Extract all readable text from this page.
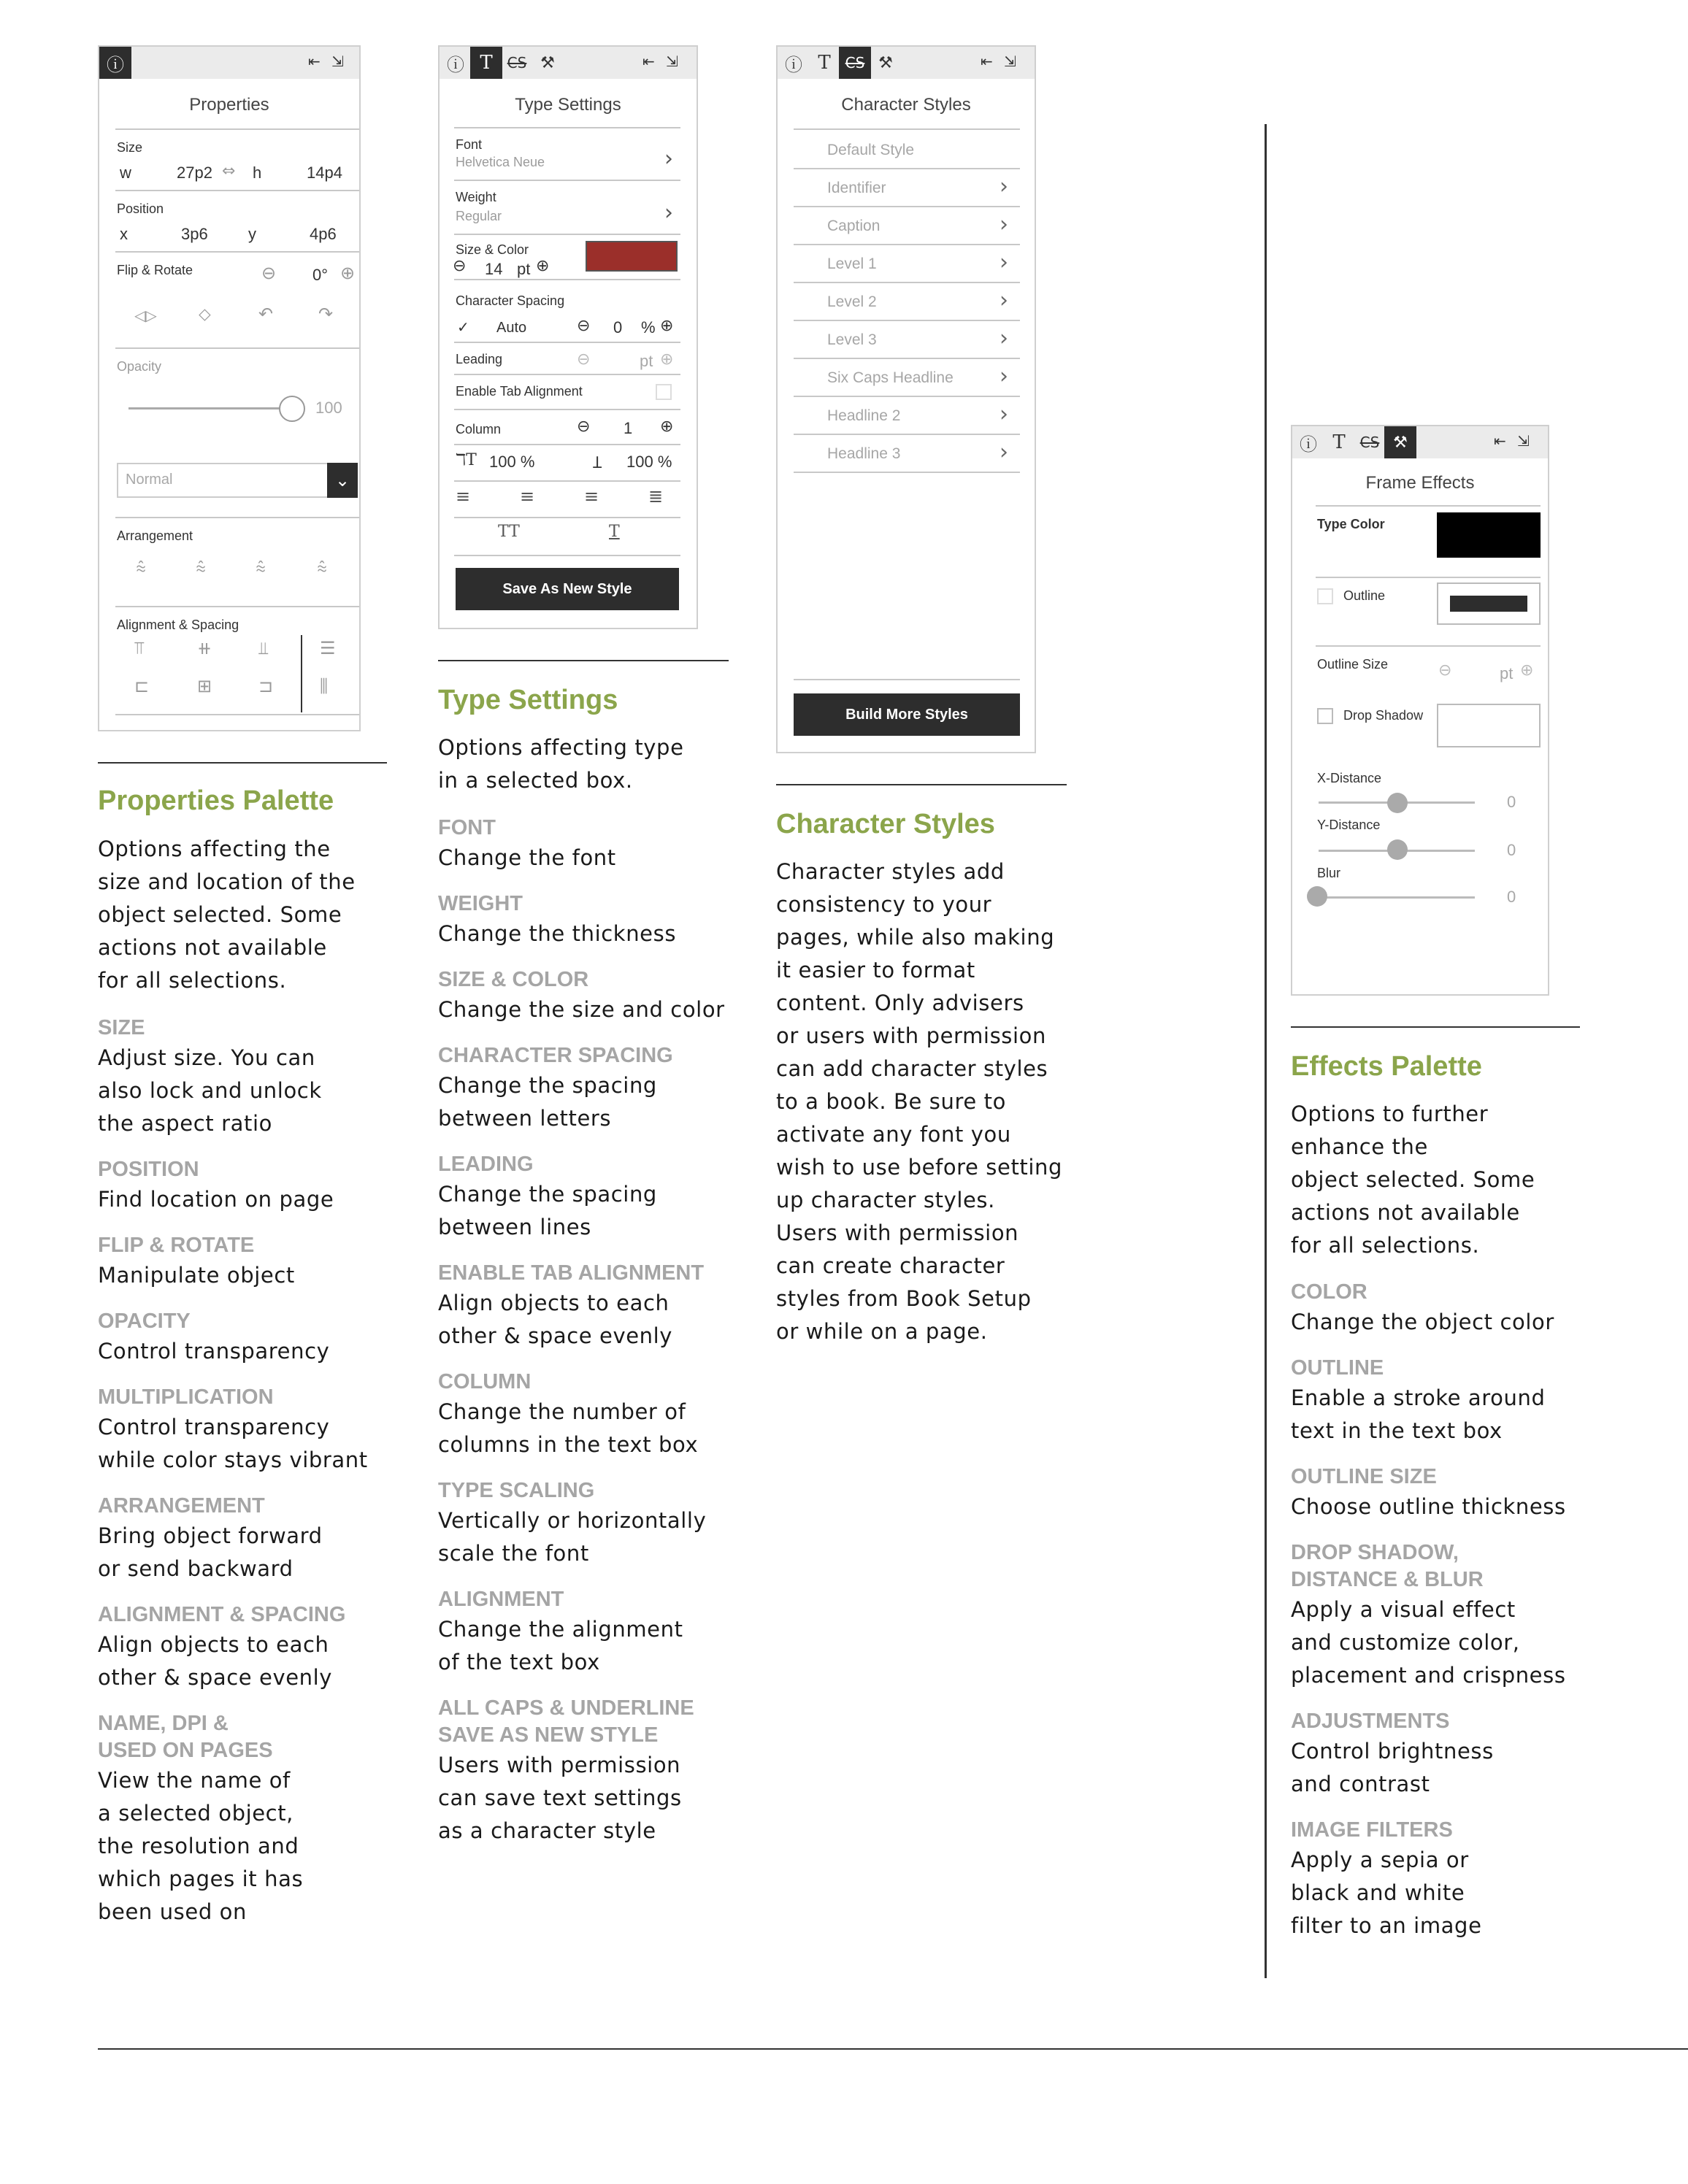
ⓘ	⇤ ⇲
Properties
Size
w	27p2 ⇔ h	14p4
Position
x	3p6	y	4p6
Flip & Rotate	⊖ 0° ⊕
◁▷ ⬦	↶	↷
Opacity
100
Normal	⌄
Arrangement
⩯	⩯	⩯	⩯
Alignment & Spacing
⫪	⧺	⫫	☰
⊏	⊞	⊐	⫼
ⓘ T CS ⚒	⇤ ⇲
Type Settings
Font
Helvetica Neue	›
Weight
Regular	›
Size & Color
⊖ 14 pt ⊕
Character Spacing
✓ Auto	⊖ 0 % ⊕
Leading	⊖	pt ⊕
Enable Tab Alignment
Column	⊖ 1 ⊕
ℸT 100 %	Ʇ 100 %
≡	≡	≡	≣
TT	T
Save As New Style
ⓘ T CS ⚒	⇤ ⇲
Character Styles
Default Style
Identifier	›
Caption	›
Level 1	›
Level 2	›
Level 3	›
Six Caps Headline ›
Headline 2	›
Headline 3	›
Build More Styles
ⓘ T CS ⚒	⇤ ⇲
Frame Effects
Type Color
Outline
Outline Size	⊖	pt ⊕
Drop Shadow
X-Distance
0
Y-Distance
0
Blur
0
Properties Palette
Options affecting the
size and location of the
object selected. Some
actions not available
for all selections.
SIZE
Adjust size. You can
also lock and unlock
the aspect ratio
POSITION
Find location on page
FLIP & ROTATE
Manipulate object
OPACITY
Control transparency
MULTIPLICATION
Control transparency
while color stays vibrant
ARRANGEMENT
Bring object forward
or send backward
ALIGNMENT & SPACING
Align objects to each
other & space evenly
NAME, DPI &
USED ON PAGES
View the name of
a selected object,
the resolution and
which pages it has
been used on
Type Settings
Options affecting type
in a selected box.
FONT
Change the font
WEIGHT
Change the thickness
SIZE & COLOR
Change the size and color
CHARACTER SPACING
Change the spacing
between letters
LEADING
Change the spacing
between lines
ENABLE TAB ALIGNMENT
Align objects to each
other & space evenly
COLUMN
Change the number of
columns in the text box
TYPE SCALING
Vertically or horizontally
scale the font
ALIGNMENT
Change the alignment
of the text box
ALL CAPS & UNDERLINE
SAVE AS NEW STYLE
Users with permission
can save text settings
as a character style
Character Styles
Character styles add
consistency to your
pages, while also making
it easier to format
content. Only advisers
or users with permission
can add character styles
to a book. Be sure to
activate any font you
wish to use before setting
up character styles.
Users with permission
can create character
styles from Book Setup
or while on a page.
Effects Palette
Options to further
enhance the
object selected. Some
actions not available
for all selections.
COLOR
Change the object color
OUTLINE
Enable a stroke around
text in the text box
OUTLINE SIZE
Choose outline thickness
DROP SHADOW,
DISTANCE & BLUR
Apply a visual effect
and customize color,
placement and crispness
ADJUSTMENTS
Control brightness
and contrast
IMAGE FILTERS
Apply a sepia or
black and white
filter to an image
